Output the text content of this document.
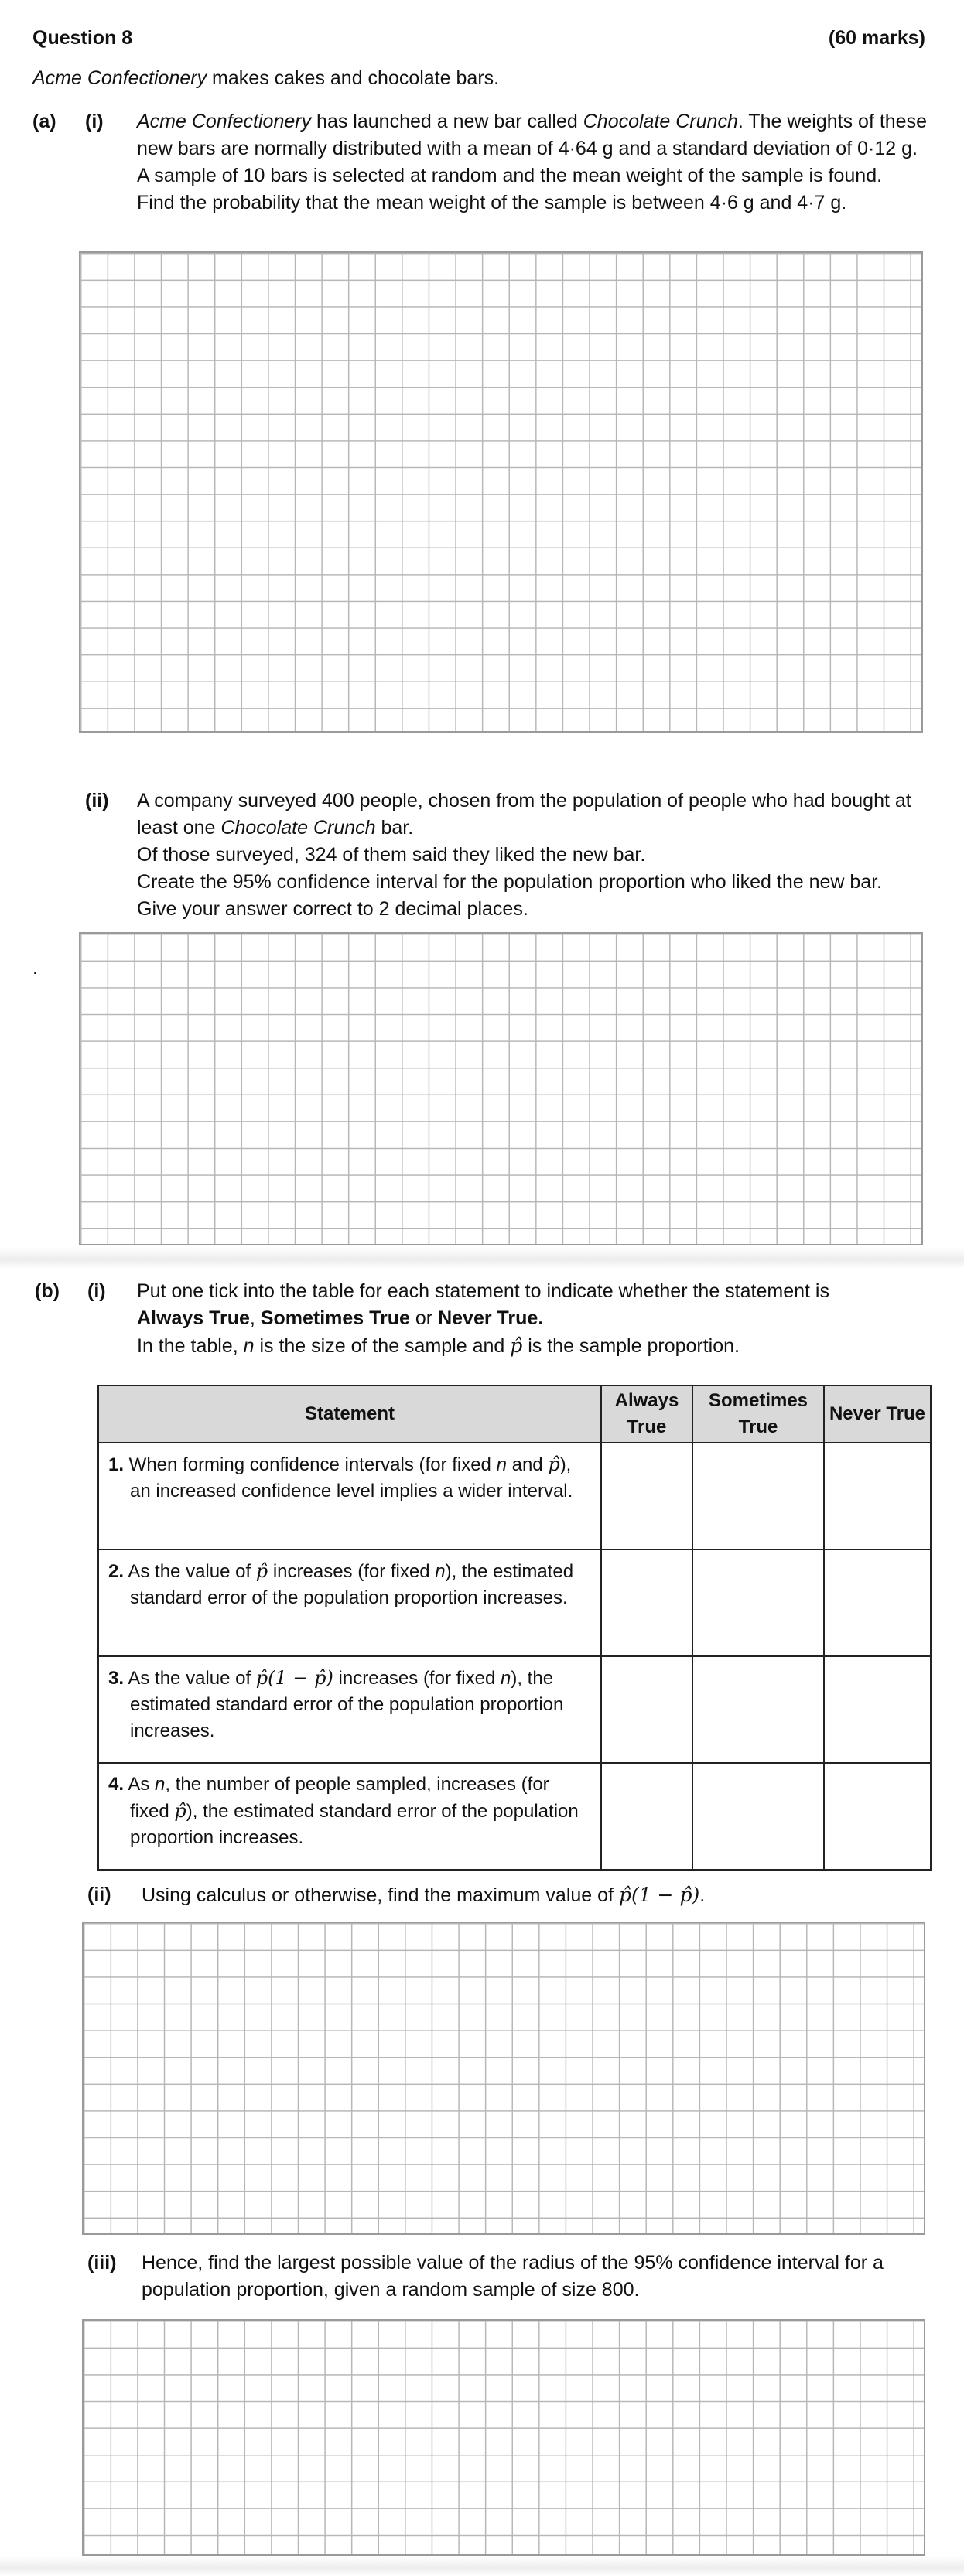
Question 8	(60 marks)
Acme Confectionery makes cakes and chocolate bars.
(a) (i) Acme Confectionery has launched a new bar called Chocolate Crunch. The weights of these new bars are normally distributed with a mean of 4·64 g and a standard deviation of 0·12 g. A sample of 10 bars is selected at random and the mean weight of the sample is found.

Find the probability that the mean weight of the sample is between 4·6 g and 4·7 g.

(ii) A company surveyed 400 people, chosen from the population of people who had bought at least one Chocolate Crunch bar.

Of those surveyed, 324 of them said they liked the new bar.

Create the 95% confidence interval for the population proportion who liked the new bar.

Give your answer correct to 2 decimal places.

.
(b) (i) Put one tick into the table for each statement to indicate whether the statement is

Always True, Sometimes True or Never True.

In the table, n is the size of the sample and p̂ is the sample proportion.

Statement	Always True	Sometimes True	Never True

1. When forming confidence intervals (for fixed n and p̂), an increased confidence level implies a wider interval.			

2. As the value of p̂ increases (for fixed n), the estimated standard error of the population proportion increases.			

3. As the value of p̂(1 − p̂) increases (for fixed n), the estimated standard error of the population proportion increases.			

4. As n, the number of people sampled, increases (for fixed p̂), the estimated standard error of the population proportion increases.			

(ii) Using calculus or otherwise, find the maximum value of p̂(1 − p̂).
(iii) Hence, find the largest possible value of the radius of the 95% confidence interval for a population proportion, given a random sample of size 800.
